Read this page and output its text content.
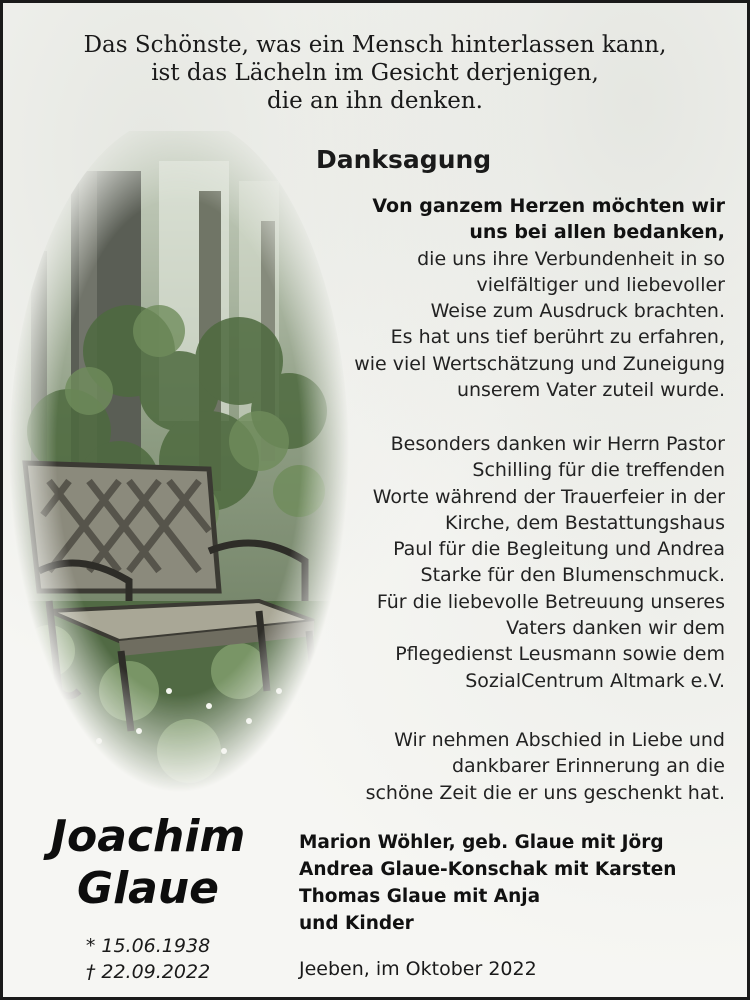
Das Schönste, was ein Mensch hinterlassen kann,
ist das Lächeln im Gesicht derjenigen,
die an ihn denken.
Danksagung
Von ganzem Herzen möchten wir
uns bei allen bedanken,
die uns ihre Verbundenheit in so
vielfältiger und liebevoller
Weise zum Ausdruck brachten.
Es hat uns tief berührt zu erfahren,
wie viel Wertschätzung und Zuneigung
unserem Vater zuteil wurde.
Besonders danken wir Herrn Pastor
Schilling für die treffenden
Worte während der Trauerfeier in der
Kirche, dem Bestattungshaus
Paul für die Begleitung und Andrea
Starke für den Blumenschmuck.
Für die liebevolle Betreuung unseres
Vaters danken wir dem
Pflegedienst Leusmann sowie dem
SozialCentrum Altmark e.V.
Wir nehmen Abschied in Liebe und
dankbarer Erinnerung an die
schöne Zeit die er uns geschenkt hat.
Joachim
Glaue
* 15.06.1938
† 22.09.2022
Marion Wöhler, geb. Glaue mit Jörg
Andrea Glaue-Konschak mit Karsten
Thomas Glaue mit Anja
und Kinder
Jeeben, im Oktober 2022
